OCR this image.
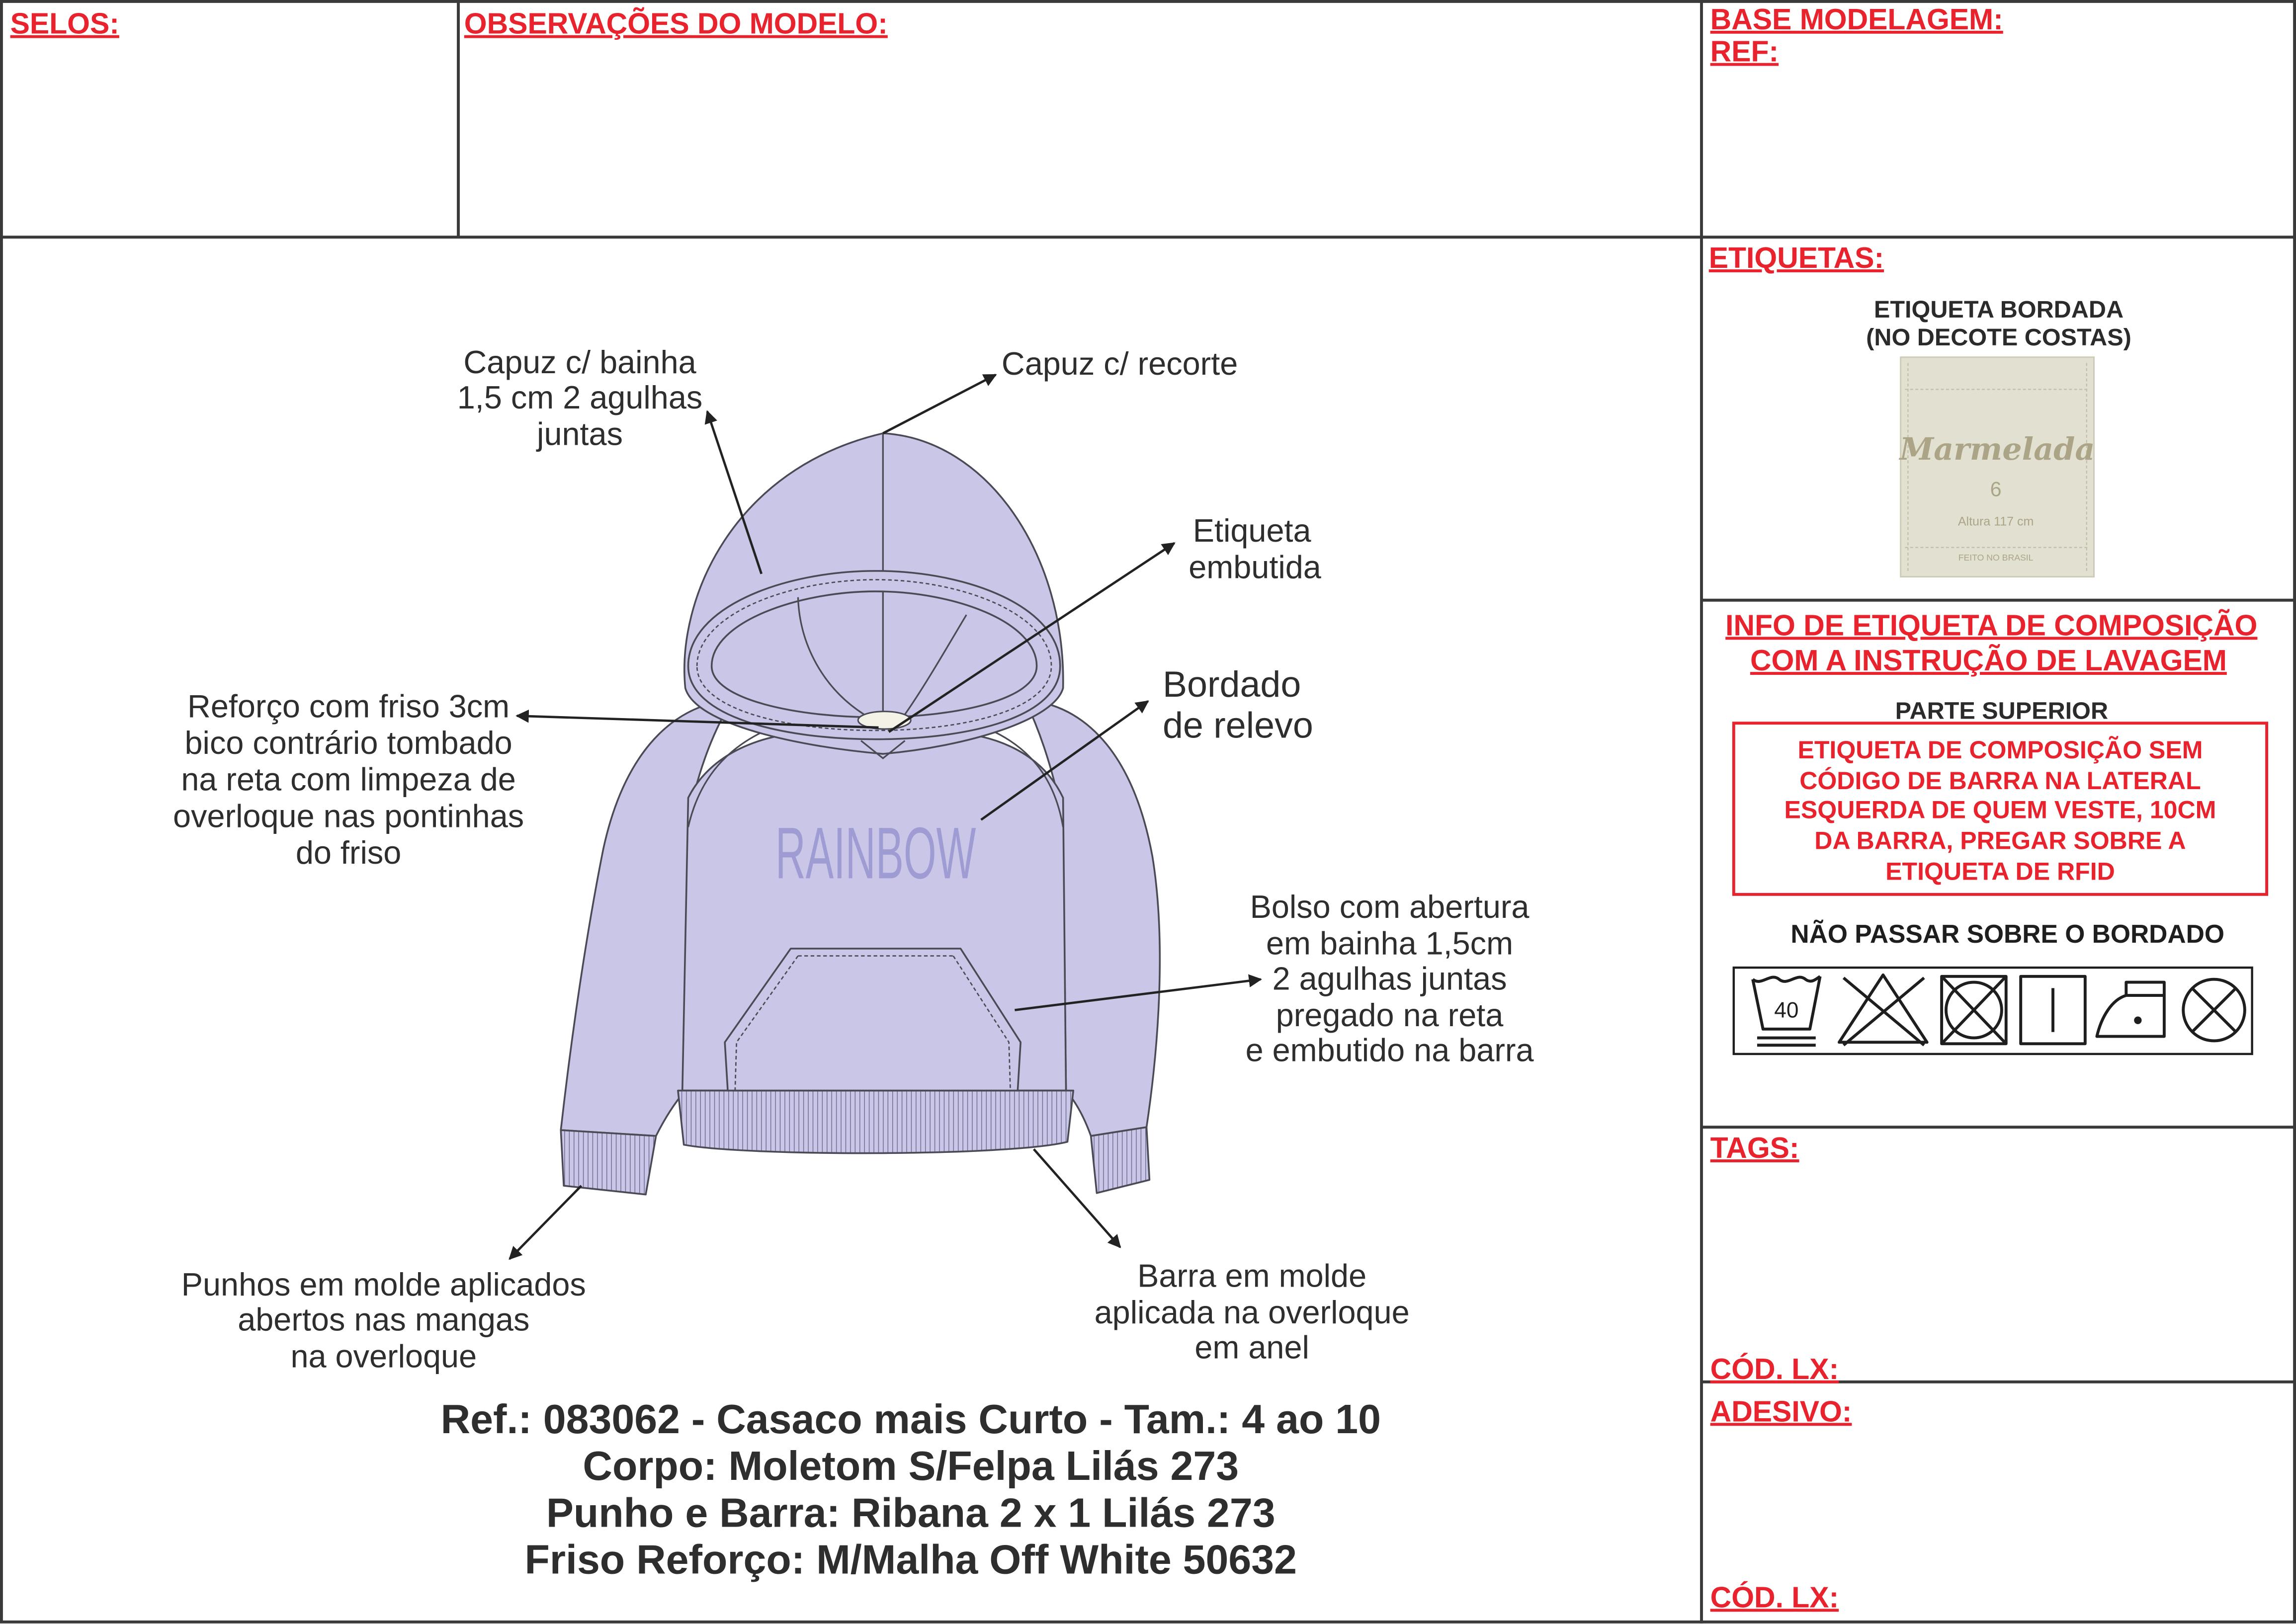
SELOS:	OBSERVAÇÕES DO MODELO:	BASE MODELAGEM:
REF:
ETIQUETAS:
ETIQUETA BORDADA
(NO DECOTE COSTAS)
Marmelada
6
Altura 117 cm
FEITO NO BRASIL
INFO DE ETIQUETA DE COMPOSIÇÃO
COM A INSTRUÇÃO DE LAVAGEM
PARTE SUPERIOR
ETIQUETA DE COMPOSIÇÃO SEM
CÓDIGO DE BARRA NA LATERAL
ESQUERDA DE QUEM VESTE, 10CM
DA BARRA, PREGAR SOBRE A
ETIQUETA DE RFID
NÃO PASSAR SOBRE O BORDADO
40
TAGS:
CÓD. LX:
ADESIVO:
CÓD. LX:
RAINBOW
Capuz c/ bainha
1,5 cm 2 agulhas
juntas
Capuz c/ recorte
Etiqueta
embutida
Bordado
de relevo
Reforço com friso 3cm
bico contrário tombado
na reta com limpeza de
overloque nas pontinhas
do friso
Bolso com abertura
em bainha 1,5cm
2 agulhas juntas
pregado na reta
e embutido na barra
Punhos em molde aplicados
abertos nas mangas
na overloque
Barra em molde
aplicada na overloque
em anel
Ref.: 083062 - Casaco mais Curto - Tam.: 4 ao 10
Corpo: Moletom S/Felpa Lilás 273
Punho e Barra: Ribana 2 x 1 Lilás 273
Friso Reforço: M/Malha Off White 50632
